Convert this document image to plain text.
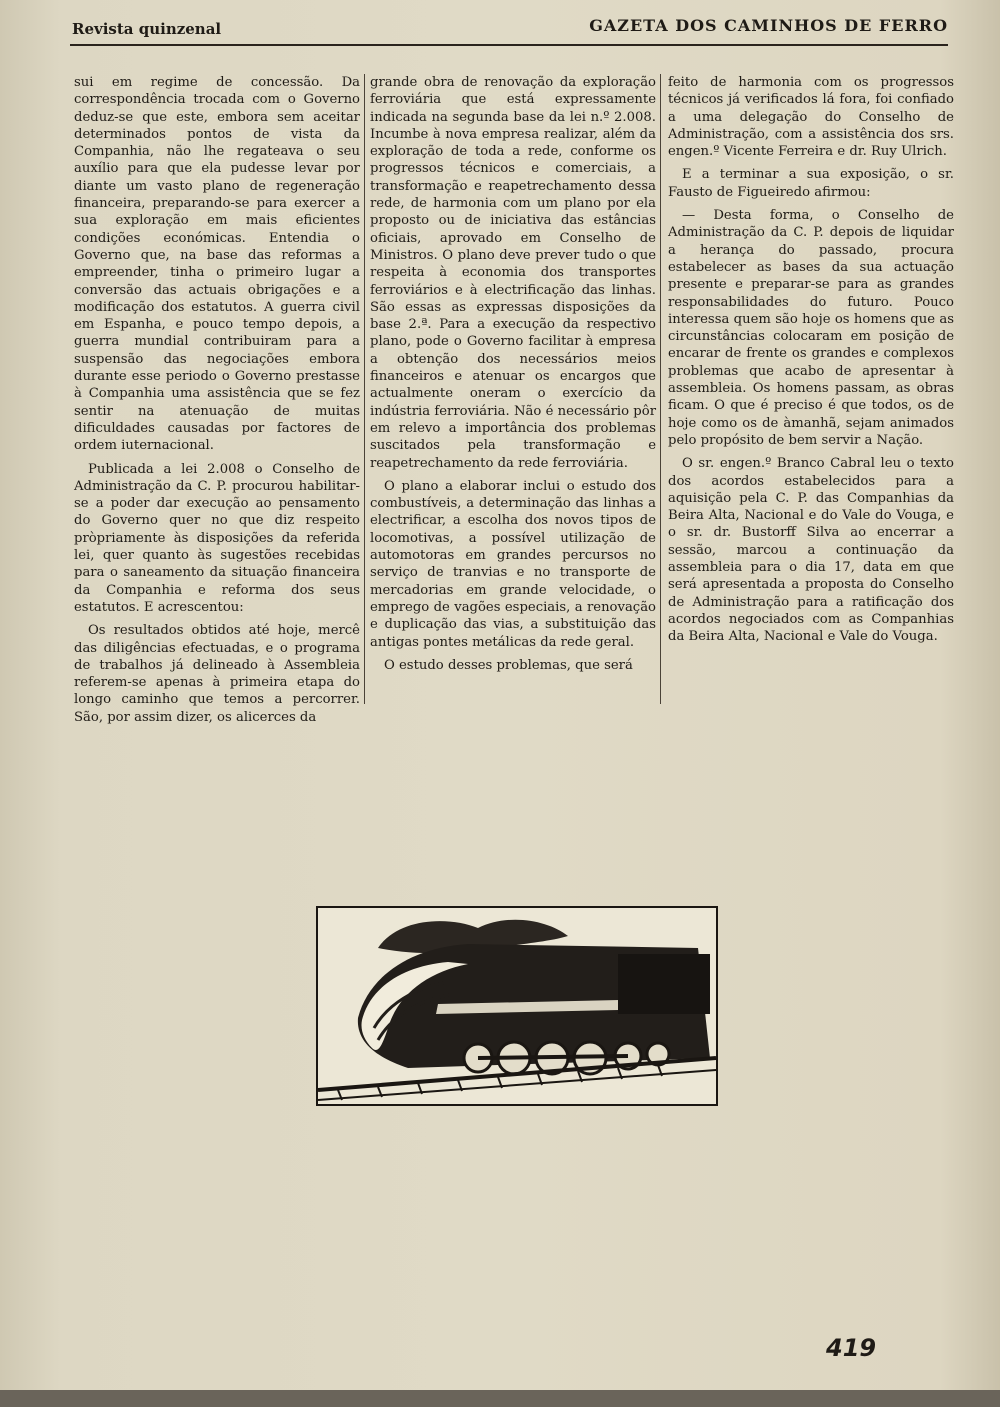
Revista quinzenal	GAZETA DOS CAMINHOS DE FERRO

sui em regime de concessão. Da correspondência trocada com o Governo deduz-se que este, embora sem aceitar determinados pontos de vista da Companhia, não lhe regateava o seu auxílio para que ela pudesse levar por diante um vasto plano de regeneração financeira, preparando-se para exercer a sua exploração em mais eficientes condições económicas. Entendia o Governo que, na base das reformas a empreender, tinha o primeiro lugar a conversão das actuais obrigações e a modificação dos estatutos. A guerra civil em Espanha, e pouco tempo depois, a guerra mundial contribuiram para a suspensão das negociações embora durante esse periodo o Governo prestasse à Companhia uma assistência que se fez sentir na atenuação de muitas dificuldades causadas por factores de ordem iuternacional.

Publicada a lei 2.008 o Conselho de Administração da C. P. procurou habilitar-se a poder dar execução ao pensamento do Governo quer no que diz respeito pròpriamente às disposições da referida lei, quer quanto às sugestões recebidas para o saneamento da situação financeira da Companhia e reforma dos seus estatutos. E acrescentou:

Os resultados obtidos até hoje, mercê das diligências efectuadas, e o programa de trabalhos já delineado à Assembleia referem-se apenas à primeira etapa do longo caminho que temos a percorrer. São, por assim dizer, os alicerces da

grande obra de renovação da exploração ferroviária que está expressamente indicada na segunda base da lei n.º 2.008. Incumbe à nova empresa realizar, além da exploração de toda a rede, conforme os progressos técnicos e comerciais, a transformação e reapetrechamento dessa rede, de harmonia com um plano por ela proposto ou de iniciativa das estâncias oficiais, aprovado em Conselho de Ministros. O plano deve prever tudo o que respeita à economia dos transportes ferroviários e à electrificação das linhas. São essas as expressas disposições da base 2.ª. Para a execução da respectivo plano, pode o Governo facilitar à empresa a obtenção dos necessários meios financeiros e atenuar os encargos que actualmente oneram o exercício da indústria ferroviária. Não é necessário pôr em relevo a importância dos problemas suscitados pela transformação e reapetrechamento da rede ferroviária.

O plano a elaborar inclui o estudo dos combustíveis, a determinação das linhas a electrificar, a escolha dos novos tipos de locomotivas, a possível utilização de automotoras em grandes percursos no serviço de tranvias e no transporte de mercadorias em grande velocidade, o emprego de vagões especiais, a renovação e duplicação das vias, a substituição das antigas pontes metálicas da rede geral.

O estudo desses problemas, que será

feito de harmonia com os progressos técnicos já verificados lá fora, foi confiado a uma delegação do Conselho de Administração, com a assistência dos srs. engen.º Vicente Ferreira e dr. Ruy Ulrich.

E a terminar a sua exposição, o sr. Fausto de Figueiredo afirmou:

— Desta forma, o Conselho de Administração da C. P. depois de liquidar a herança do passado, procura estabelecer as bases da sua actuação presente e preparar-se para as grandes responsabilidades do futuro. Pouco interessa quem são hoje os homens que as circunstâncias colocaram em posição de encarar de frente os grandes e complexos problemas que acabo de apresentar à assembleia. Os homens passam, as obras ficam. O que é preciso é que todos, os de hoje como os de àmanhã, sejam animados pelo propósito de bem servir a Nação.

O sr. engen.º Branco Cabral leu o texto dos acordos estabelecidos para a aquisição pela C. P. das Companhias da Beira Alta, Nacional e do Vale do Vouga, e o sr. dr. Bustorff Silva ao encerrar a sessão, marcou a continuação da assembleia para o dia 17, data em que será apresentada a proposta do Conselho de Administração para a ratificação dos acordos negociados com as Companhias da Beira Alta, Nacional e Vale do Vouga.

419
